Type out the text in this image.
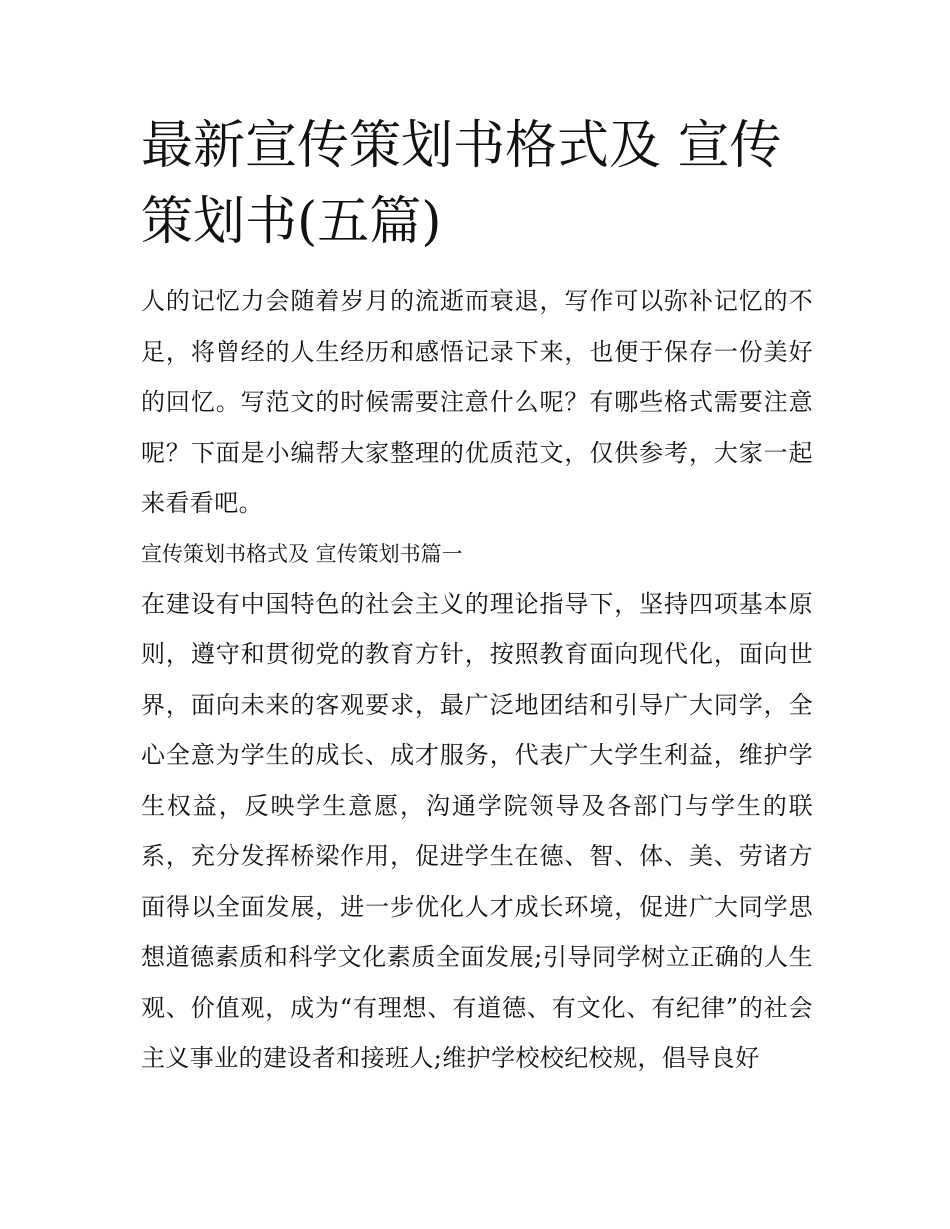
最新宣传策划书格式及 宣传策划书(五篇)

人的记忆力会随着岁月的流逝而衰退，写作可以弥补记忆的不足，将曾经的人生经历和感悟记录下来，也便于保存一份美好的回忆。写范文的时候需要注意什么呢？有哪些格式需要注意呢？下面是小编帮大家整理的优质范文，仅供参考，大家一起来看看吧。

宣传策划书格式及 宣传策划书篇一

在建设有中国特色的社会主义的理论指导下，坚持四项基本原则，遵守和贯彻党的教育方针，按照教育面向现代化，面向世界，面向未来的客观要求，最广泛地团结和引导广大同学，全心全意为学生的成长、成才服务，代表广大学生利益，维护学生权益，反映学生意愿，沟通学院领导及各部门与学生的联系，充分发挥桥梁作用，促进学生在德、智、体、美、劳诸方面得以全面发展，进一步优化人才成长环境，促进广大同学思想道德素质和科学文化素质全面发展;引导同学树立正确的人生观、价值观，成为“有理想、有道德、有文化、有纪律”的社会主义事业的建设者和接班人;维护学校校纪校规，倡导良好
